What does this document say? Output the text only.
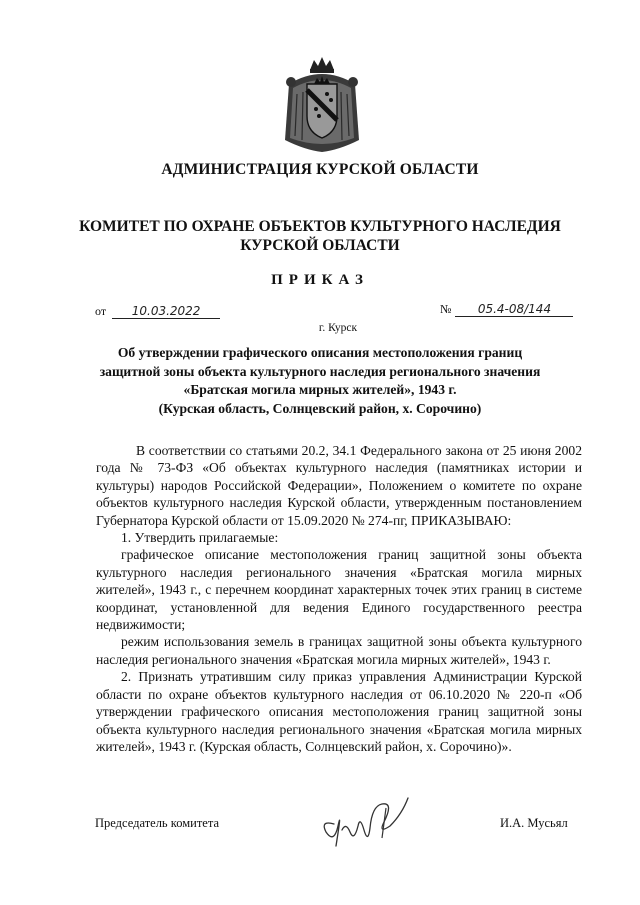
АДМИНИСТРАЦИЯ КУРСКОЙ ОБЛАСТИ
КОМИТЕТ ПО ОХРАНЕ ОБЪЕКТОВ КУЛЬТУРНОГО НАСЛЕДИЯ
КУРСКОЙ ОБЛАСТИ
ПРИКАЗ
от 10.03.2022	№ 05.4-08/144
г. Курск
Об утверждении графического описания местоположения границ
защитной зоны объекта культурного наследия регионального значения
«Братская могила мирных жителей», 1943 г.
(Курская область, Солнцевский район, х. Сорочино)

В соответствии со статьями 20.2, 34.1 Федерального закона от 25 июня 2002 года № 73-ФЗ «Об объектах культурного наследия (памятниках истории и культуры) народов Российской Федерации», Положением о комитете по охране объектов культурного наследия Курской области, утвержденным постановлением Губернатора Курской области от 15.09.2020 № 274-пг, ПРИКАЗЫВАЮ:

1. Утвердить прилагаемые:

графическое описание местоположения границ защитной зоны объекта культурного наследия регионального значения «Братская могила мирных жителей», 1943 г., с перечнем координат характерных точек этих границ в системе координат, установленной для ведения Единого государственного реестра недвижимости;

режим использования земель в границах защитной зоны объекта культурного наследия регионального значения «Братская могила мирных жителей», 1943 г.

2. Признать утратившим силу приказ управления Администрации Курской области по охране объектов культурного наследия от 06.10.2020 № 220-п «Об утверждении графического описания местоположения границ защитной зоны объекта культурного наследия регионального значения «Братская могила мирных жителей», 1943 г. (Курская область, Солнцевский район, х. Сорочино)».

Председатель комитета	И.А. Мусьял
